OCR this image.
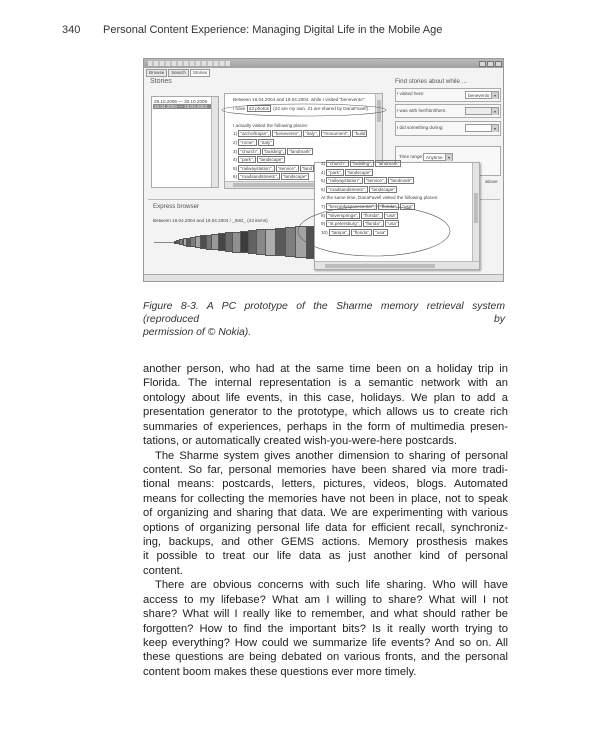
340 Personal Content Experience: Managing Digital Life in the Mobile Age
Browse Search Stories
Stories
29.10.2006 — 30.10.2006
16.04.2004 — 19.04.2004
Between 16.04.2004 and 19.04.2004, while I visited "benevento":
I have 43 photos (22 are my own, 21 are shared by DanaFavell).

I actually visited the following places:
1) "archoftrajan", "benevento", "italy", "monument", "build
2) "rome", "italy"
3) "church", "building", "landmark"
4) "park", "landscape"
5) "railwaystation", "service", "land
6) "roadsandstreets", "landscape"
Find stories about while ...
I visited here:	benevento	▾
I was with her/him/them:	▾
I did something during:	▾
Time range: Anytime	▾
above
Express browser
Between 16.04.2004 and 19.04.2004 / _IMG_ (43 items)
3) "church", "building", "landmark"
4) "park", "landscape"
5) "railwaystation", "service", "landmark"
6) "roadsandstreets", "landscape"
At the same time, DanaFavell visited the following places:
7) "kennedyspacecenter", "florida", "usa"
8) "silversprings", "florida", "usa"
9) "st.petersburg", "florida", "usa"
10) "tampa", "florida", "usa"
Figure 8-3. A PC prototype of the Sharme memory retrieval system (reproduced by
permission of © Nokia).
another person, who had at the same time been on a holiday trip in
Florida. The internal representation is a semantic network with an
ontology about life events, in this case, holidays. We plan to add a
presentation generator to the prototype, which allows us to create rich
summaries of experiences, perhaps in the form of multimedia presen-
tations, or automatically created wish-you-were-here postcards.
The Sharme system gives another dimension to sharing of personal
content. So far, personal memories have been shared via more tradi-
tional means: postcards, letters, pictures, videos, blogs. Automated
means for collecting the memories have not been in place, not to speak
of organizing and sharing that data. We are experimenting with various
options of organizing personal life data for efficient recall, synchroniz-
ing, backups, and other GEMS actions. Memory prosthesis makes
it possible to treat our life data as just another kind of personal
content.
There are obvious concerns with such life sharing. Who will have
access to my lifebase? What am I willing to share? What will I not
share? What will I really like to remember, and what should rather be
forgotten? How to find the important bits? Is it really worth trying to
keep everything? How could we summarize life events? And so on. All
these questions are being debated on various fronts, and the personal
content boom makes these questions ever more timely.
